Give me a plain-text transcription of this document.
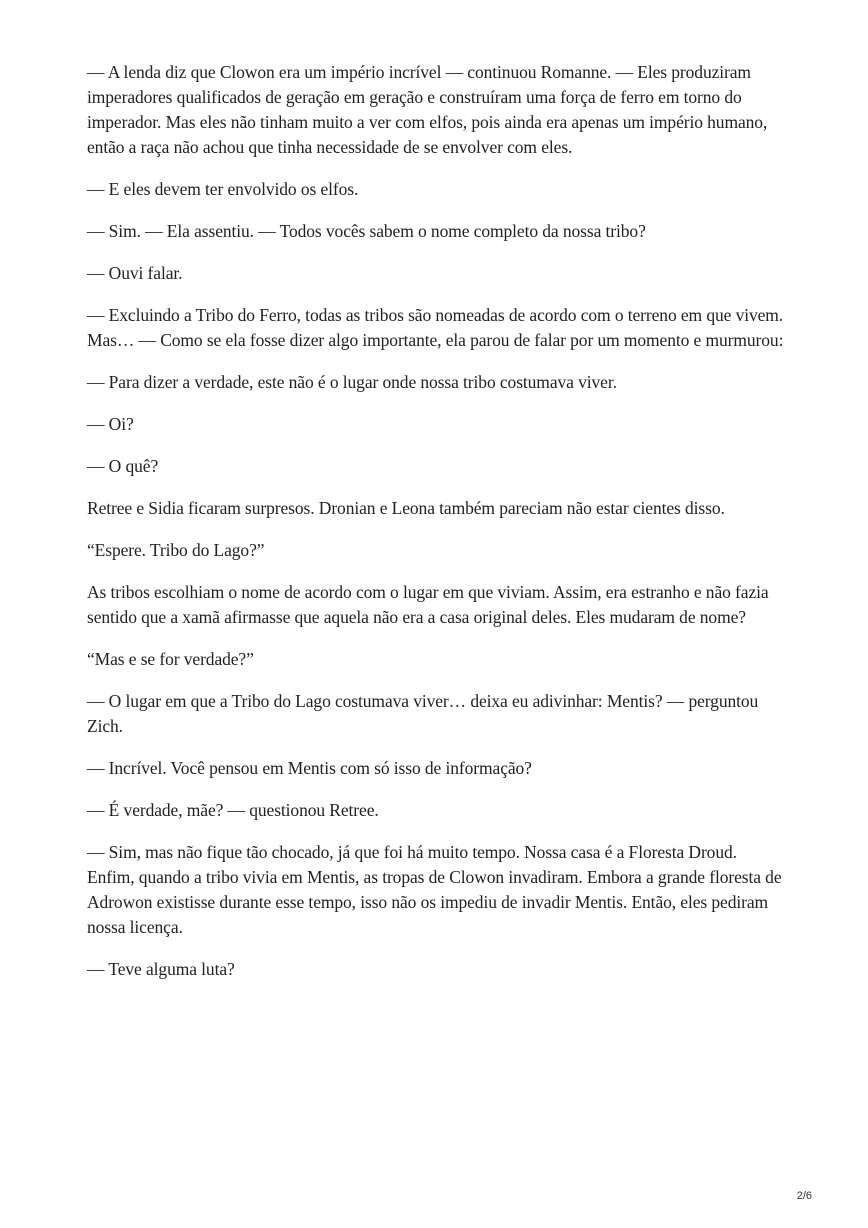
— A lenda diz que Clowon era um império incrível — continuou Romanne. — Eles produziram imperadores qualificados de geração em geração e construíram uma força de ferro em torno do imperador. Mas eles não tinham muito a ver com elfos, pois ainda era apenas um império humano, então a raça não achou que tinha necessidade de se envolver com eles.

— E eles devem ter envolvido os elfos.

— Sim. — Ela assentiu. — Todos vocês sabem o nome completo da nossa tribo?

— Ouvi falar.

— Excluindo a Tribo do Ferro, todas as tribos são nomeadas de acordo com o terreno em que vivem. Mas… — Como se ela fosse dizer algo importante, ela parou de falar por um momento e murmurou:

— Para dizer a verdade, este não é o lugar onde nossa tribo costumava viver.

— Oi?

— O quê?

Retree e Sidia ficaram surpresos. Dronian e Leona também pareciam não estar cientes disso.

“Espere. Tribo do Lago?”

As tribos escolhiam o nome de acordo com o lugar em que viviam. Assim, era estranho e não fazia sentido que a xamã afirmasse que aquela não era a casa original deles. Eles mudaram de nome?

“Mas e se for verdade?”

— O lugar em que a Tribo do Lago costumava viver… deixa eu adivinhar: Mentis? — perguntou Zich.

— Incrível. Você pensou em Mentis com só isso de informação?

— É verdade, mãe? — questionou Retree.

— Sim, mas não fique tão chocado, já que foi há muito tempo. Nossa casa é a Floresta Droud. Enfim, quando a tribo vivia em Mentis, as tropas de Clowon invadiram. Embora a grande floresta de Adrowon existisse durante esse tempo, isso não os impediu de invadir Mentis. Então, eles pediram nossa licença.

— Teve alguma luta?

2/6
